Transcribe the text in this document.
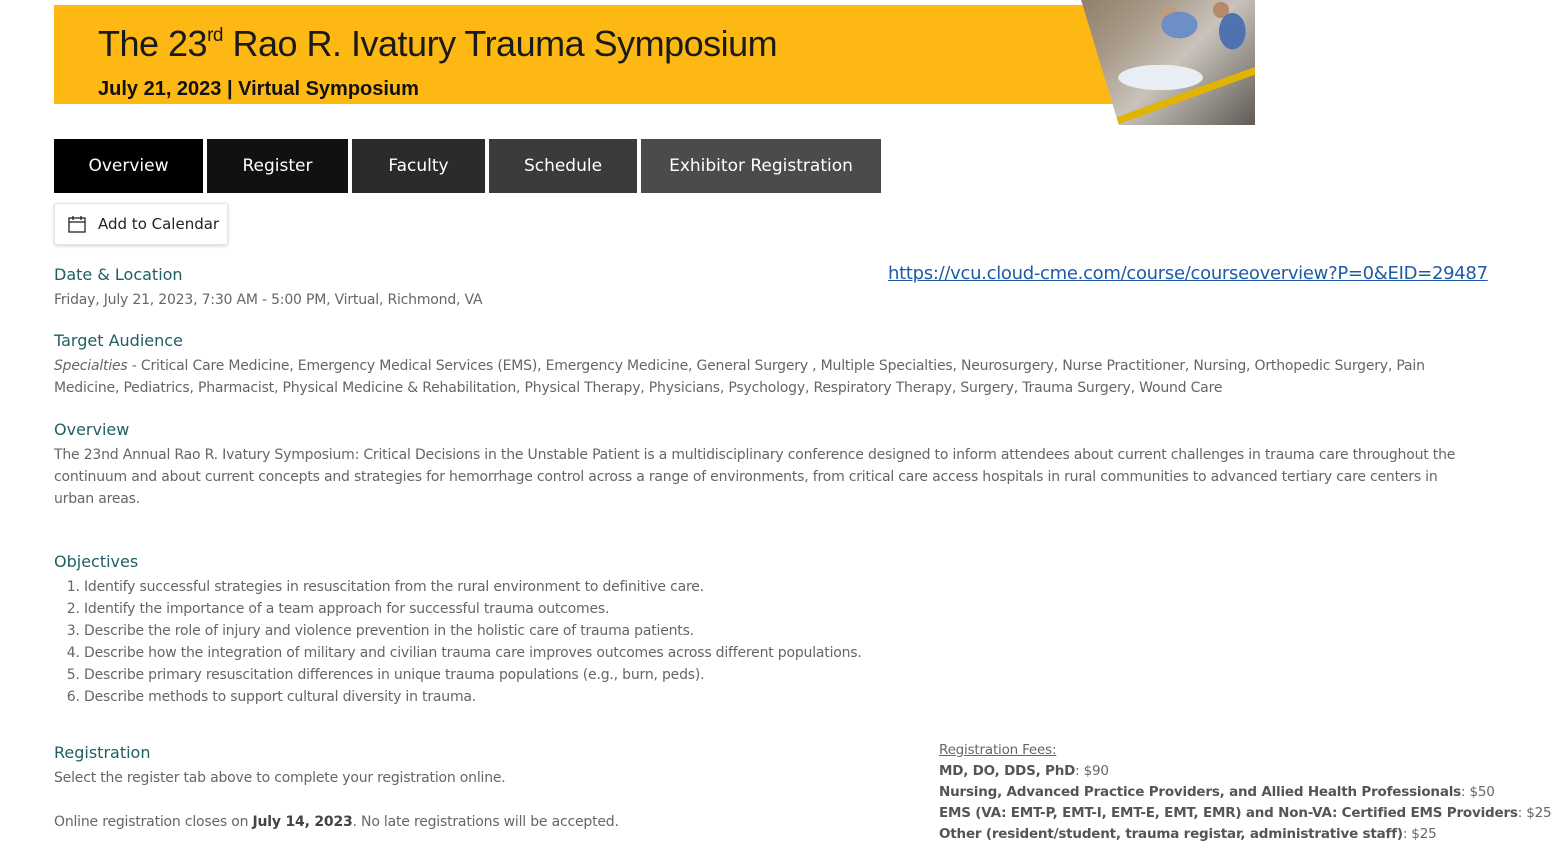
The 23rd Rao R. Ivatury Trauma Symposium
July 21, 2023 | Virtual Symposium
Overview	Register	Faculty	Schedule	Exhibitor Registration
Add to Calendar
https://vcu.cloud-cme.com/course/courseoverview?P=0&EID=29487
Date & Location
Friday, July 21, 2023, 7:30 AM - 5:00 PM, Virtual, Richmond, VA
Target Audience
Specialties - Critical Care Medicine, Emergency Medical Services (EMS), Emergency Medicine, General Surgery , Multiple Specialties, Neurosurgery, Nurse Practitioner, Nursing, Orthopedic Surgery, Pain Medicine, Pediatrics, Pharmacist, Physical Medicine & Rehabilitation, Physical Therapy, Physicians, Psychology, Respiratory Therapy, Surgery, Trauma Surgery, Wound Care
Overview
The 23nd Annual Rao R. Ivatury Symposium: Critical Decisions in the Unstable Patient is a multidisciplinary conference designed to inform attendees about current challenges in trauma care throughout the continuum and about current concepts and strategies for hemorrhage control across a range of environments, from critical care access hospitals in rural communities to advanced tertiary care centers in urban areas.
Objectives
1. Identify successful strategies in resuscitation from the rural environment to definitive care.
2. Identify the importance of a team approach for successful trauma outcomes.
3. Describe the role of injury and violence prevention in the holistic care of trauma patients.
4. Describe how the integration of military and civilian trauma care improves outcomes across different populations.
5. Describe primary resuscitation differences in unique trauma populations (e.g., burn, peds).
6. Describe methods to support cultural diversity in trauma.
Registration
Select the register tab above to complete your registration online.
Online registration closes on July 14, 2023. No late registrations will be accepted.
Registration Fees:
MD, DO, DDS, PhD: $90
Nursing, Advanced Practice Providers, and Allied Health Professionals: $50
EMS (VA: EMT-P, EMT-I, EMT-E, EMT, EMR) and Non-VA: Certified EMS Providers: $25
Other (resident/student, trauma registar, administrative staff): $25
